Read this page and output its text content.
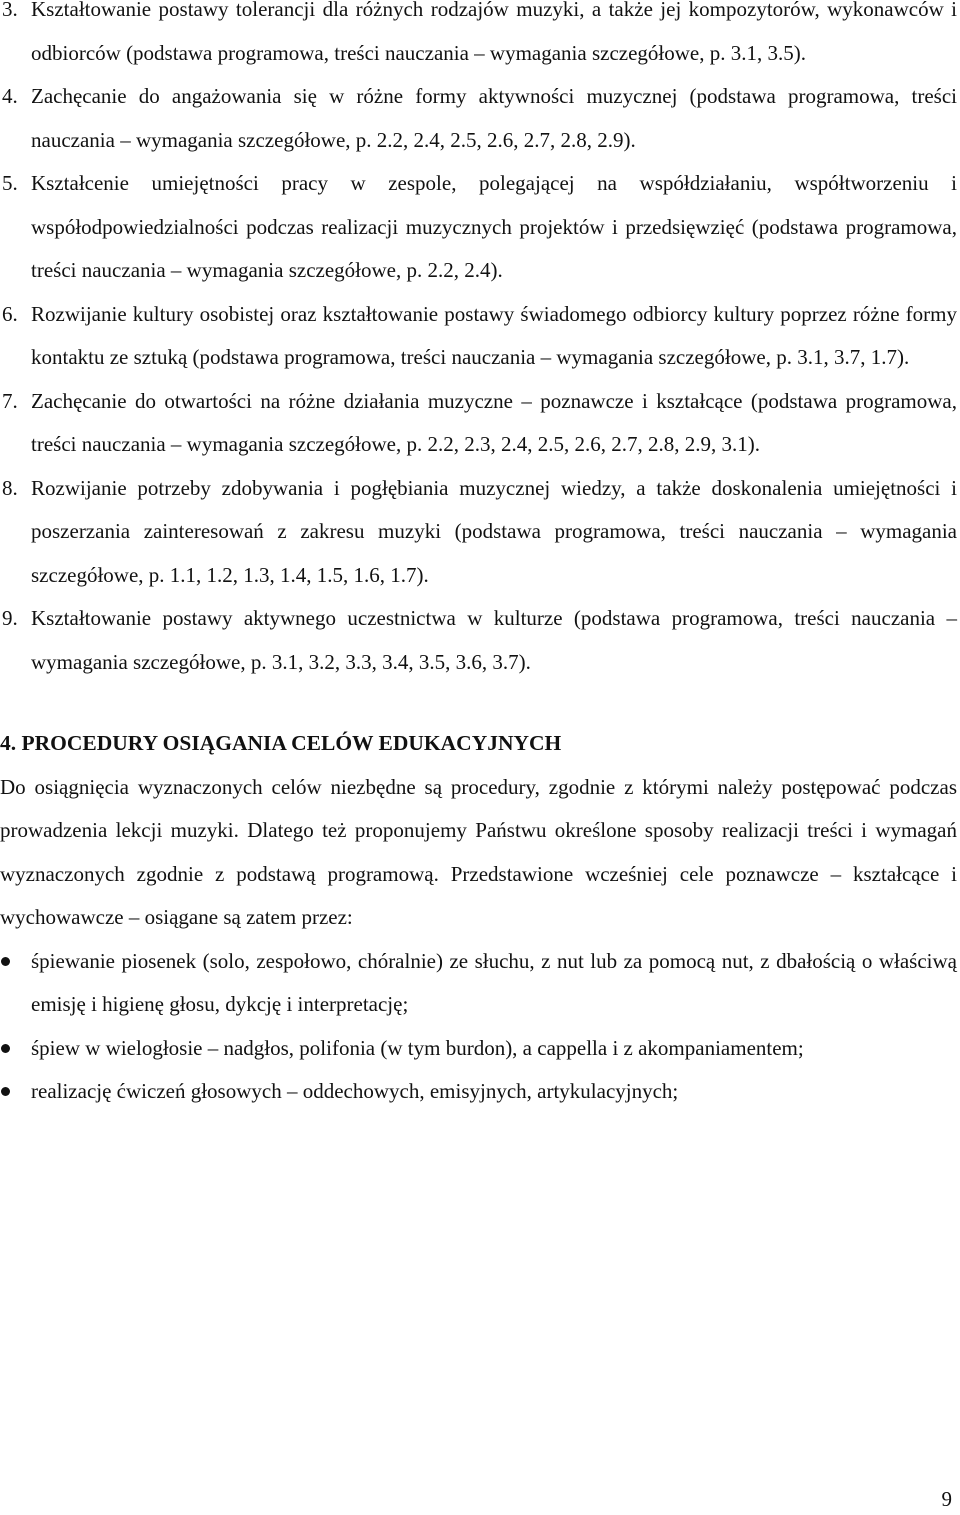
3. Kształtowanie postawy tolerancji dla różnych rodzajów muzyki, a także jej kompozytorów, wykonawców i odbiorców (podstawa programowa, treści nauczania – wymagania szczegółowe, p. 3.1, 3.5).

4. Zachęcanie do angażowania się w różne formy aktywności muzycznej (podstawa programowa, treści nauczania – wymagania szczegółowe, p. 2.2, 2.4, 2.5, 2.6, 2.7, 2.8, 2.9).

5. Kształcenie umiejętności pracy w zespole, polegającej na współdziałaniu, współtworzeniu i współodpowiedzialności podczas realizacji muzycznych projektów i przedsięwzięć (podstawa programowa, treści nauczania – wymagania szczegółowe, p. 2.2, 2.4).

6. Rozwijanie kultury osobistej oraz kształtowanie postawy świadomego odbiorcy kultury poprzez różne formy kontaktu ze sztuką (podstawa programowa, treści nauczania – wymagania szczegółowe, p. 3.1, 3.7, 1.7).

7. Zachęcanie do otwartości na różne działania muzyczne – poznawcze i kształcące (podstawa programowa, treści nauczania – wymagania szczegółowe, p. 2.2, 2.3, 2.4, 2.5, 2.6, 2.7, 2.8, 2.9, 3.1).

8. Rozwijanie potrzeby zdobywania i pogłębiania muzycznej wiedzy, a także doskonalenia umiejętności i poszerzania zainteresowań z zakresu muzyki (podstawa programowa, treści nauczania – wymagania szczegółowe, p. 1.1, 1.2, 1.3, 1.4, 1.5, 1.6, 1.7).

9. Kształtowanie postawy aktywnego uczestnictwa w kulturze (podstawa programowa, treści nauczania – wymagania szczegółowe, p. 3.1, 3.2, 3.3, 3.4, 3.5, 3.6, 3.7).

4. PROCEDURY OSIĄGANIA CELÓW EDUKACYJNYCH

Do osiągnięcia wyznaczonych celów niezbędne są procedury, zgodnie z którymi należy postępować podczas prowadzenia lekcji muzyki. Dlatego też proponujemy Państwu określone sposoby realizacji treści i wymagań wyznaczonych zgodnie z podstawą programową. Przedstawione wcześniej cele poznawcze – kształcące i wychowawcze – osiągane są zatem przez:

śpiewanie piosenek (solo, zespołowo, chóralnie) ze słuchu, z nut lub za pomocą nut, z dbałością o właściwą emisję i higienę głosu, dykcję i interpretację;
śpiew w wielogłosie – nadgłos, polifonia (w tym burdon), a cappella i z akompaniamentem;
realizację ćwiczeń głosowych – oddechowych, emisyjnych, artykulacyjnych;
9
